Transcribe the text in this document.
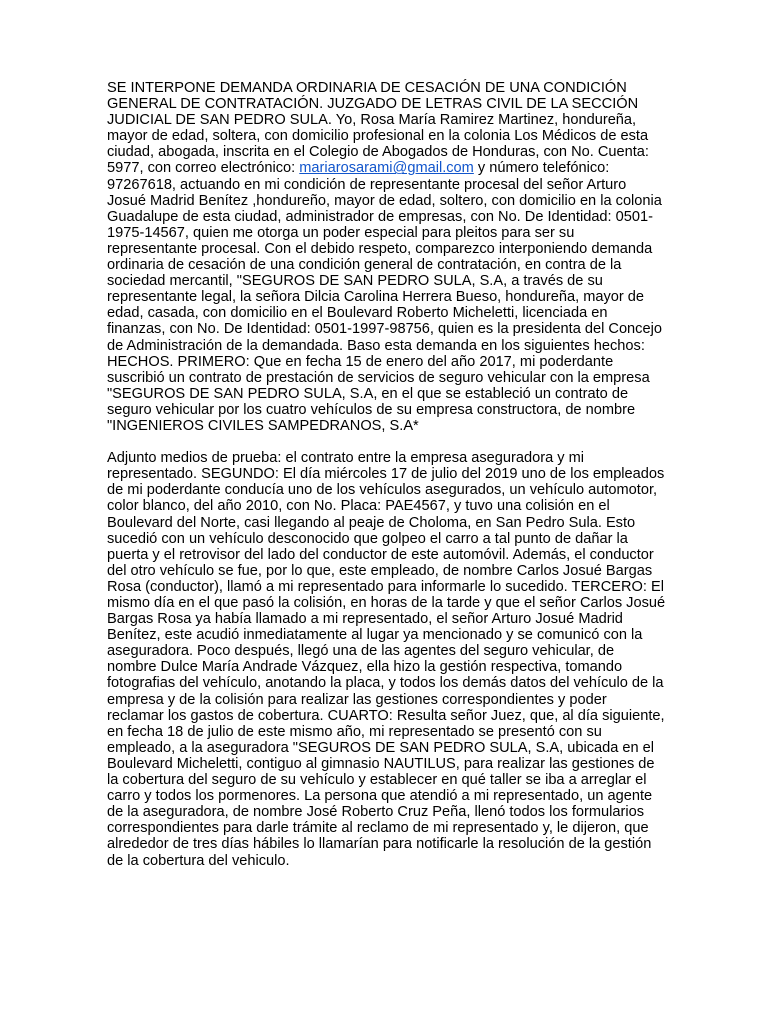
SE INTERPONE DEMANDA ORDINARIA DE CESACIÓN DE UNA CONDICIÓN GENERAL DE CONTRATACIÓN. JUZGADO DE LETRAS CIVIL DE LA SECCIÓN JUDICIAL DE SAN PEDRO SULA. Yo, Rosa María Ramirez Martinez, hondureña, mayor de edad, soltera, con domicilio profesional en la colonia Los Médicos de esta ciudad, abogada, inscrita en el Colegio de Abogados de Honduras, con No. Cuenta: 5977, con correo electrónico: mariarosarami@gmail.com y número telefónico: 97267618, actuando en mi condición de representante procesal del señor Arturo Josué Madrid Benítez ,hondureño, mayor de edad, soltero, con domicilio en la colonia Guadalupe de esta ciudad, administrador de empresas, con No. De Identidad: 0501-1975-14567, quien me otorga un poder especial para pleitos para ser su representante procesal. Con el debido respeto, comparezco interponiendo demanda ordinaria de cesación de una condición general de contratación, en contra de la sociedad mercantil, "SEGUROS DE SAN PEDRO SULA, S.A, a través de su representante legal, la señora Dilcia Carolina Herrera Bueso, hondureña, mayor de edad, casada, con domicilio en el Boulevard Roberto Micheletti, licenciada en finanzas, con No. De Identidad: 0501-1997-98756, quien es la presidenta del Concejo de Administración de la demandada. Baso esta demanda en los siguientes hechos: HECHOS. PRIMERO: Que en fecha 15 de enero del año 2017, mi poderdante suscribió un contrato de prestación de servicios de seguro vehicular con la empresa "SEGUROS DE SAN PEDRO SULA, S.A, en el que se estableció un contrato de seguro vehicular por los cuatro vehículos de su empresa constructora, de nombre "INGENIEROS CIVILES SAMPEDRANOS, S.A*

Adjunto medios de prueba: el contrato entre la empresa aseguradora y mi representado. SEGUNDO: El día miércoles 17 de julio del 2019 uno de los empleados de mi poderdante conducía uno de los vehículos asegurados, un vehículo automotor, color blanco, del año 2010, con No. Placa: PAE4567, y tuvo una colisión en el Boulevard del Norte, casi llegando al peaje de Choloma, en San Pedro Sula. Esto sucedió con un vehículo desconocido que golpeo el carro a tal punto de dañar la puerta y el retrovisor del lado del conductor de este automóvil. Además, el conductor del otro vehículo se fue, por lo que, este empleado, de nombre Carlos Josué Bargas Rosa (conductor), llamó a mi representado para informarle lo sucedido. TERCERO: El mismo día en el que pasó la colisión, en horas de la tarde y que el señor Carlos Josué Bargas Rosa ya había llamado a mi representado, el señor Arturo Josué Madrid Benítez, este acudió inmediatamente al lugar ya mencionado y se comunicó con la aseguradora. Poco después, llegó una de las agentes del seguro vehicular, de nombre Dulce María Andrade Vázquez, ella hizo la gestión respectiva, tomando fotografias del vehículo, anotando la placa, y todos los demás datos del vehículo de la empresa y de la colisión para realizar las gestiones correspondientes y poder reclamar los gastos de cobertura. CUARTO: Resulta señor Juez, que, al día siguiente, en fecha 18 de julio de este mismo año, mi representado se presentó con su empleado, a la aseguradora "SEGUROS DE SAN PEDRO SULA, S.A, ubicada en el Boulevard Micheletti, contiguo al gimnasio NAUTILUS, para realizar las gestiones de la cobertura del seguro de su vehículo y establecer en qué taller se iba a arreglar el carro y todos los pormenores. La persona que atendió a mi representado, un agente de la aseguradora, de nombre José Roberto Cruz Peña, llenó todos los formularios correspondientes para darle trámite al reclamo de mi representado y, le dijeron, que alrededor de tres días hábiles lo llamarían para notificarle la resolución de la gestión de la cobertura del vehiculo.
